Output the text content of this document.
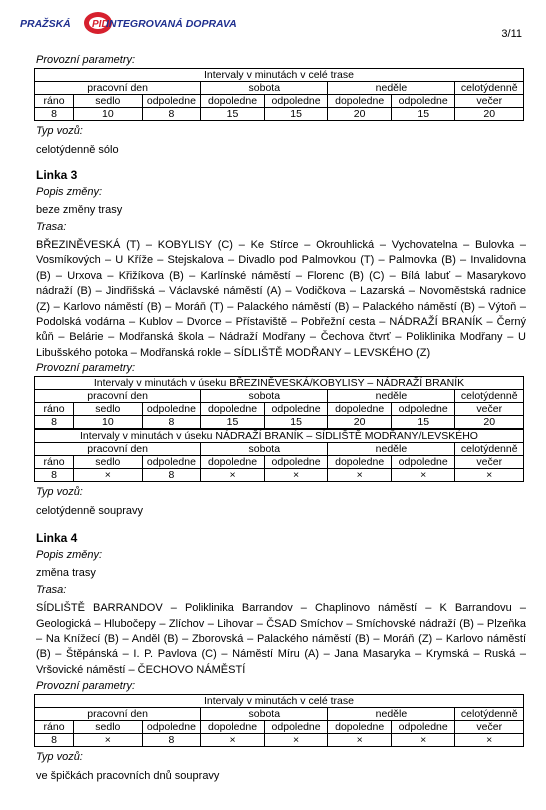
PRAŽSKÁ PID
INTEGROVANÁ DOPRAVA
3/11
Provozní parametry:
Intervaly v minutách v celé trase							
pracovní den			sobota		neděle		celotýdenně
ráno	sedlo	odpoledne	dopoledne	odpoledne	dopoledne	odpoledne	večer
8	10	8	15	15	20	15	20
Typ vozů:
celotýdenně sólo
Linka 3
Popis změny:
beze změny trasy
Trasa:
BŘEZINĚVESKÁ (T) – KOBYLISY (C) – Ke Stírce – Okrouhlická – Vychovatelna – Bulovka – Vosmíkových – U Kříže – Stejskalova – Divadlo pod Palmovkou (T) – Palmovka (B) – Invalidovna (B) – Urxova – Křižíkova (B) – Karlínské náměstí – Florenc (B) (C) – Bílá labuť – Masarykovo nádraží (B) – Jindřišská – Václavské náměstí (A) – Vodičkova – Lazarská – Novoměstská radnice (Z) – Karlovo náměstí (B) – Moráň (T) – Palackého náměstí (B) – Palackého náměstí (B) – Výtoň – Podolská vodárna – Kublov – Dvorce – Přístaviště – Pobřežní cesta – NÁDRAŽÍ BRANÍK – Černý kůň – Belárie – Modřanská škola – Nádraží Modřany – Čechova čtvrť – Poliklinika Modřany – U Libušského potoka – Modřanská rokle – SÍDLIŠTĚ MODŘANY – LEVSKÉHO (Z)
Provozní parametry:
Intervaly v minutách v úseku BŘEZINĚVESKÁ/KOBYLISY – NÁDRAŽÍ BRANÍK							
pracovní den			sobota		neděle		celotýdenně
ráno	sedlo	odpoledne	dopoledne	odpoledne	dopoledne	odpoledne	večer
8	10	8	15	15	20	15	20
Intervaly v minutách v úseku NÁDRAŽÍ BRANÍK – SÍDLIŠTĚ MODŘANY/LEVSKÉHO							
pracovní den			sobota		neděle		celotýdenně
ráno	sedlo	odpoledne	dopoledne	odpoledne	dopoledne	odpoledne	večer
8	×	8	×	×	×	×	×
Typ vozů:
celotýdenně soupravy
Linka 4
Popis změny:
změna trasy
Trasa:
SÍDLIŠTĚ BARRANDOV – Poliklinika Barrandov – Chaplinovo náměstí – K Barrandovu – Geologická – Hlubočepy – Zlíchov – Lihovar – ČSAD Smíchov – Smíchovské nádraží (B) – Plzeňka – Na Knížecí (B) – Anděl (B) – Zborovská – Palackého náměstí (B) – Moráň (Z) – Karlovo náměstí (B) – Štěpánská – I. P. Pavlova (C) – Náměstí Míru (A) – Jana Masaryka – Krymská – Ruská – Vršovické náměstí – ČECHOVO NÁMĚSTÍ
Provozní parametry:
Intervaly v minutách v celé trase							
pracovní den			sobota		neděle		celotýdenně
ráno	sedlo	odpoledne	dopoledne	odpoledne	dopoledne	odpoledne	večer
8	×	8	×	×	×	×	×
Typ vozů:
ve špičkách pracovních dnů soupravy
